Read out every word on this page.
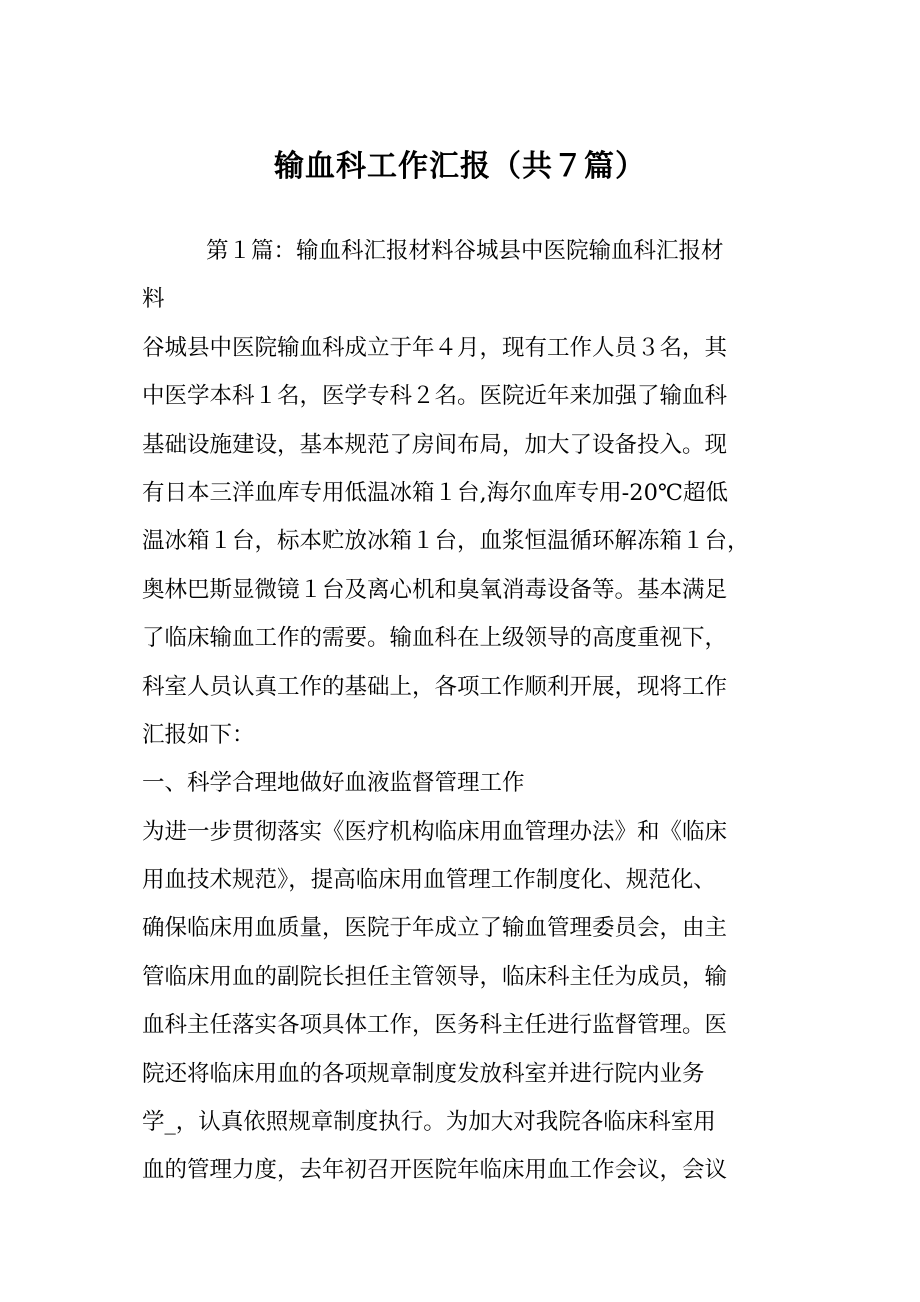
输血科工作汇报（共７篇）
第１篇：输血科汇报材料谷城县中医院输血科汇报材
料
谷城县中医院输血科成立于年４月，现有工作人员３名，其
中医学本科１名，医学专科２名。医院近年来加强了输血科
基础设施建设，基本规范了房间布局，加大了设备投入。现
有日本三洋血库专用低温冰箱１台,海尔血库专用-20℃超低
温冰箱１台，标本贮放冰箱１台，血浆恒温循环解冻箱１台，
奥林巴斯显微镜１台及离心机和臭氧消毒设备等。基本满足
了临床输血工作的需要。输血科在上级领导的高度重视下，
科室人员认真工作的基础上，各项工作顺利开展，现将工作
汇报如下：
一、科学合理地做好血液监督管理工作
为进一步贯彻落实《医疗机构临床用血管理办法》和《临床
用血技术规范》，提高临床用血管理工作制度化、规范化、
确保临床用血质量，医院于年成立了输血管理委员会，由主
管临床用血的副院长担任主管领导，临床科主任为成员，输
血科主任落实各项具体工作，医务科主任进行监督管理。医
院还将临床用血的各项规章制度发放科室并进行院内业务
学_，认真依照规章制度执行。为加大对我院各临床科室用
血的管理力度，去年初召开医院年临床用血工作会议，会议
